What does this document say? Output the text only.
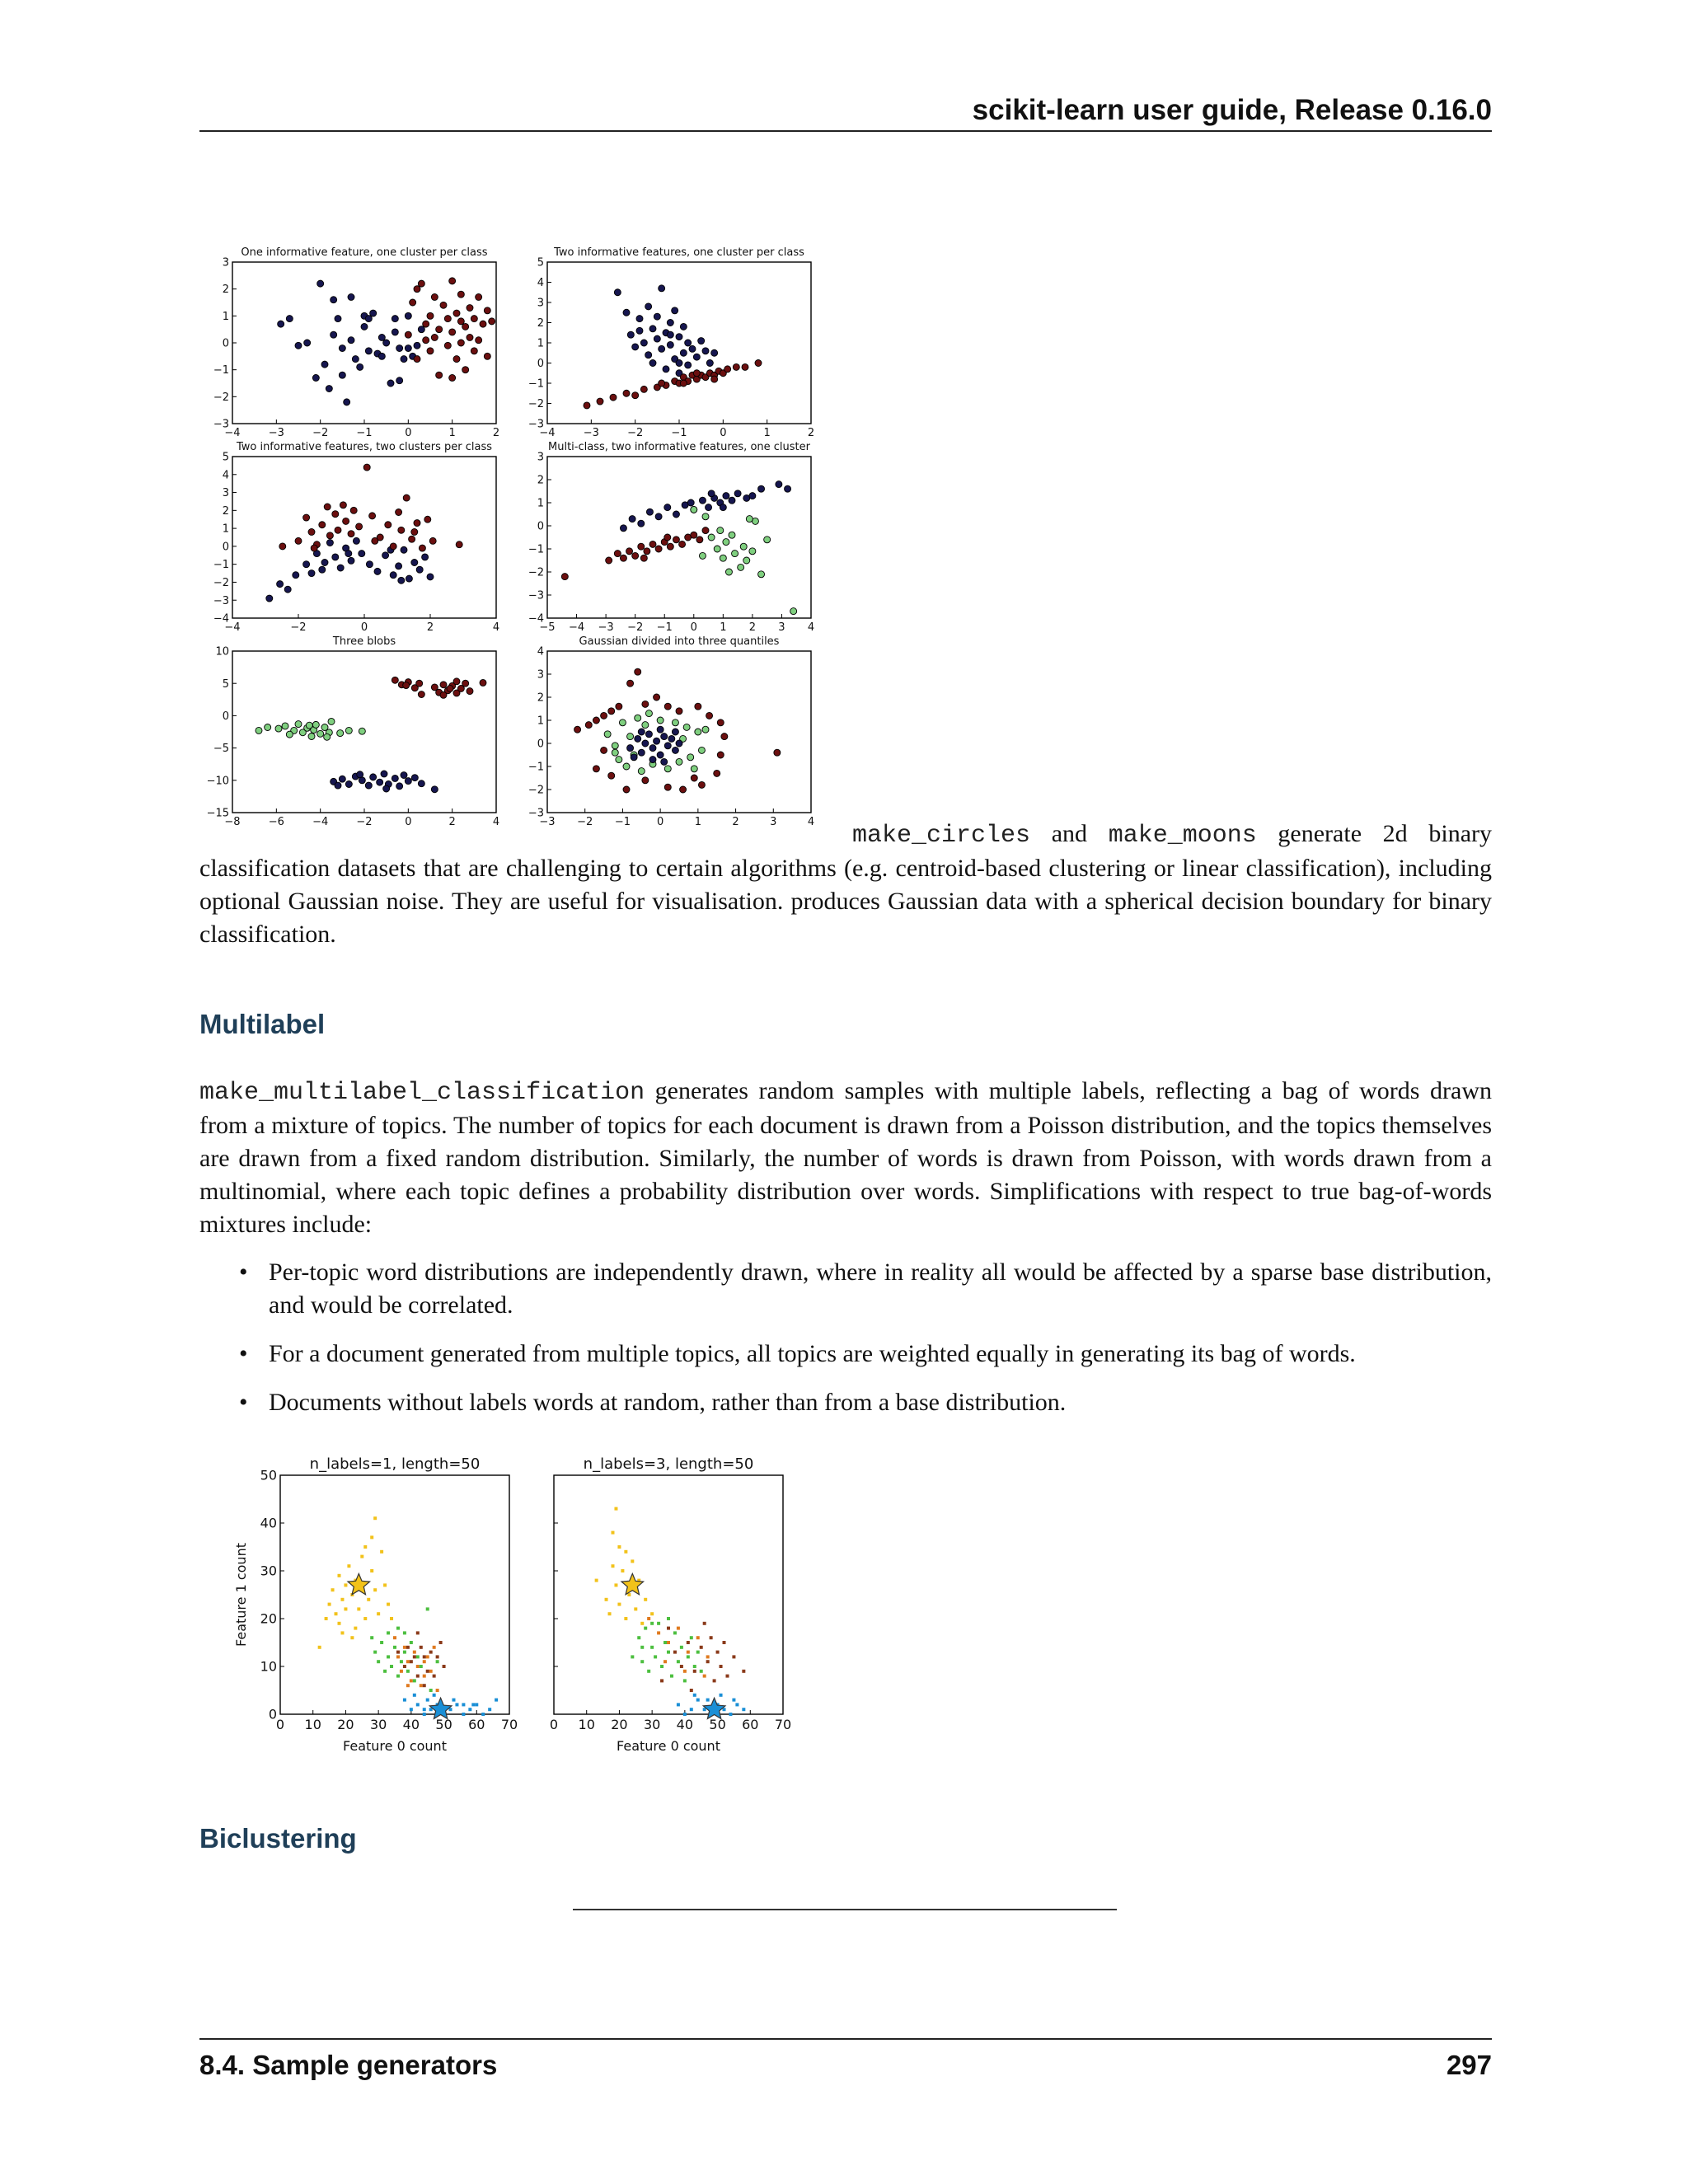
scikit-learn user guide, Release 0.16.0
One informative feature, one cluster per class
−4	−3	−2	−1	0	1	2
−3
−2
−1
0
1
2
3
Two informative features, one cluster per class
−4	−3	−2	−1	0	1	2
−3
−2
−1
0
1
2
3
4
5
Two informative features, two clusters per class
−4	−2	0	2	4
−4
−3
−2
−1
0
1
2
3
4
5
Multi-class, two informative features, one cluster
−5 −4 −3 −2 −1 0 1 2 3 4
−4
−3
−2
−1
0
1
2
3
Three blobs
−8	−6	−4	−2	0	2	4
−15
−10
−5
0
5
10
Gaussian divided into three quantiles
−3 −2 −1 0	1	2	3	4
−3
−2
−1
0
1
2
3
4

make_circles and make_moons generate 2d binary classification datasets that are challenging to certain algorithms (e.g. centroid-based clustering or linear classification), including optional Gaussian noise. They are useful for visualisation. produces Gaussian data with a spherical decision boundary for binary classification.

Multilabel

make_multilabel_classification generates random samples with multiple labels, reflecting a bag of words drawn from a mixture of topics. The number of topics for each document is drawn from a Poisson distribution, and the topics themselves are drawn from a fixed random distribution. Similarly, the number of words is drawn from Poisson, with words drawn from a multinomial, where each topic defines a probability distribution over words. Simplifications with respect to true bag-of-words mixtures include:

• Per-topic word distributions are independently drawn, where in reality all would be affected by a sparse base distribution, and would be correlated.
• For a document generated from multiple topics, all topics are weighted equally in generating its bag of words.
• Documents without labels words at random, rather than from a base distribution.
n_labels=1, length=50
0 10 20 30 40 50 60 70
0
10
20
30
40
50
Feature 0 count
Feature 1 count
n_labels=3, length=50
0 10 20 30 40 50 60 70
Feature 0 count
Biclustering
8.4. Sample generators	297
